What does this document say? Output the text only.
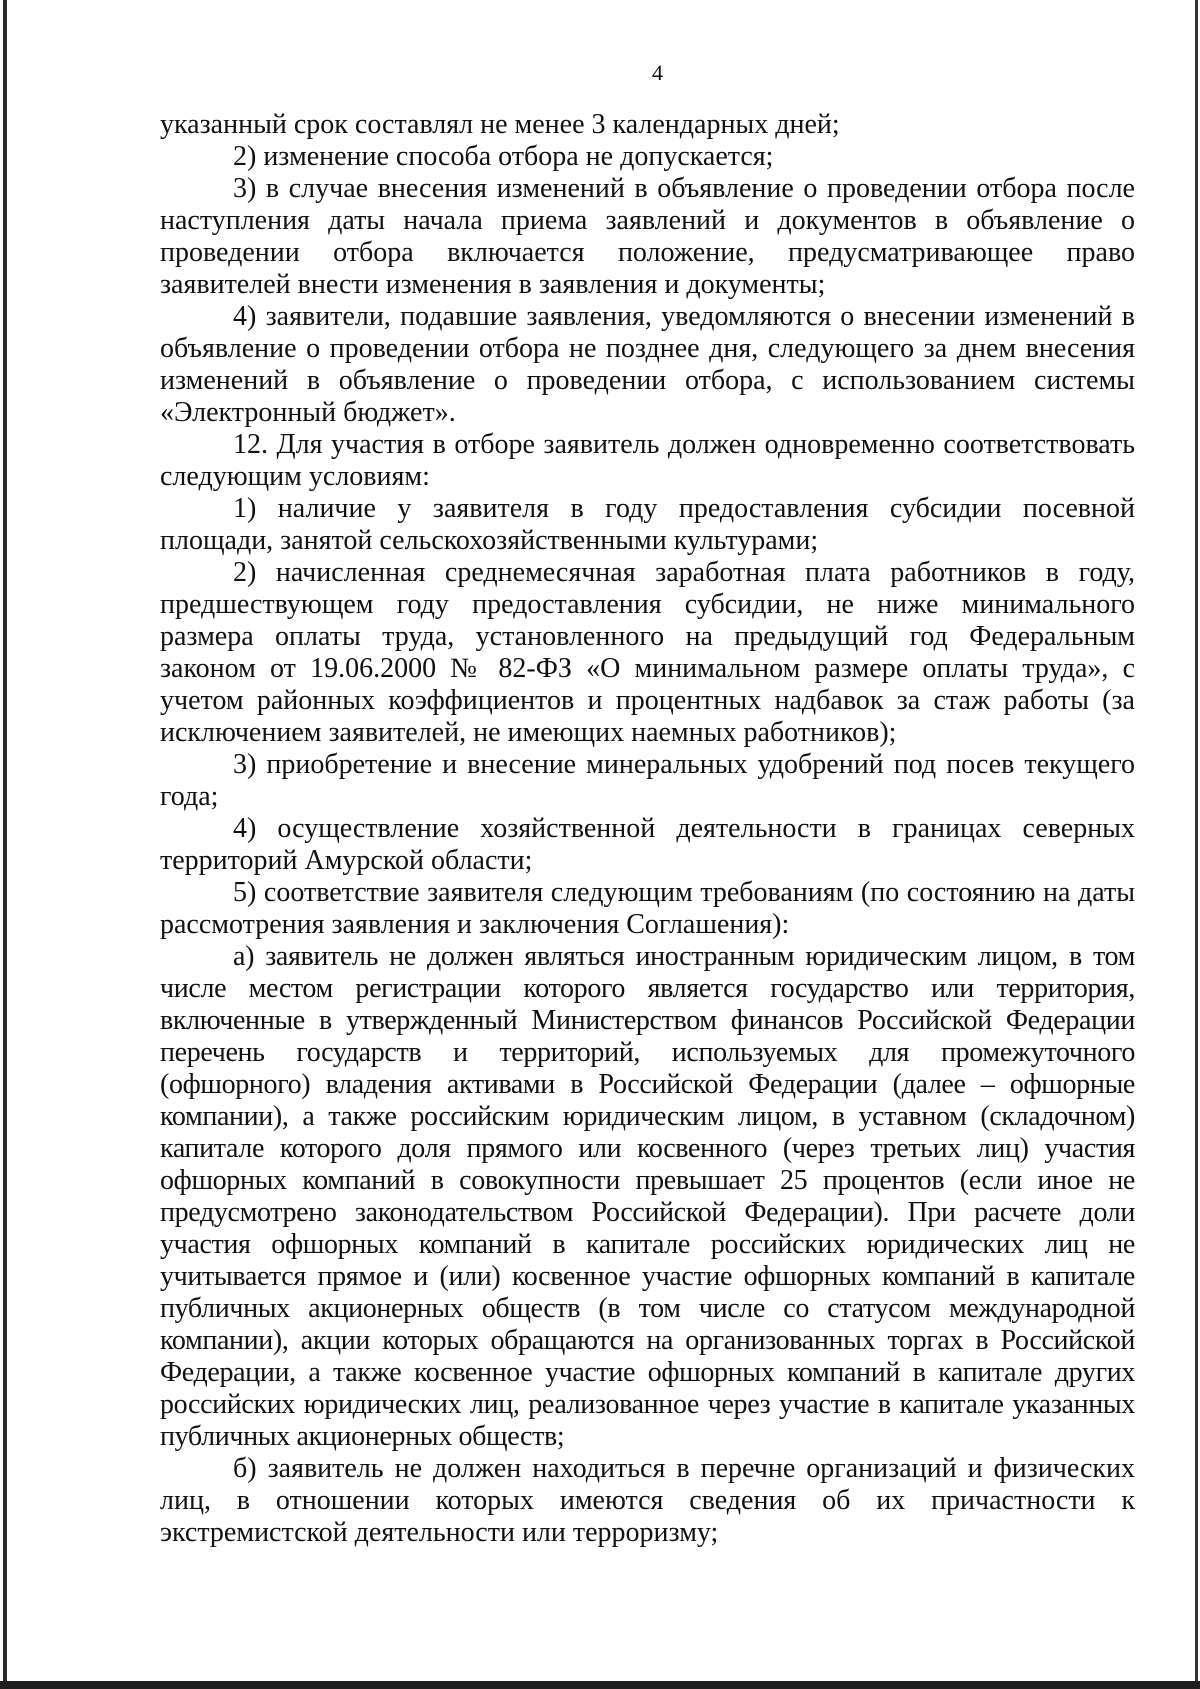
4

указанный срок составлял не менее 3 календарных дней;

2) изменение способа отбора не допускается;

3) в случае внесения изменений в объявление о проведении отбора после наступления даты начала приема заявлений и документов в объявление о проведении отбора включается положение, предусматривающее право заявителей внести изменения в заявления и документы;

4) заявители, подавшие заявления, уведомляются о внесении изменений в объявление о проведении отбора не позднее дня, следующего за днем внесения изменений в объявление о проведении отбора, с использованием системы «Электронный бюджет».

12. Для участия в отборе заявитель должен одновременно соответствовать следующим условиям:

1) наличие у заявителя в году предоставления субсидии посевной площади, занятой сельскохозяйственными культурами;

2) начисленная среднемесячная заработная плата работников в году, предшествующем году предоставления субсидии, не ниже минимального размера оплаты труда, установленного на предыдущий год Федеральным законом от 19.06.2000 № 82-ФЗ «О минимальном размере оплаты труда», с учетом районных коэффициентов и процентных надбавок за стаж работы (за исключением заявителей, не имеющих наемных работников);

3) приобретение и внесение минеральных удобрений под посев текущего года;

4) осуществление хозяйственной деятельности в границах северных территорий Амурской области;

5) соответствие заявителя следующим требованиям (по состоянию на даты рассмотрения заявления и заключения Соглашения):

а) заявитель не должен являться иностранным юридическим лицом, в том числе местом регистрации которого является государство или территория, включенные в утвержденный Министерством финансов Российской Федерации перечень государств и территорий, используемых для промежуточного (офшорного) владения активами в Российской Федерации (далее – офшорные компании), а также российским юридическим лицом, в уставном (складочном) капитале которого доля прямого или косвенного (через третьих лиц) участия офшорных компаний в совокупности превышает 25 процентов (если иное не предусмотрено законодательством Российской Федерации). При расчете доли участия офшорных компаний в капитале российских юридических лиц не учитывается прямое и (или) косвенное участие офшорных компаний в капитале публичных акционерных обществ (в том числе со статусом международной компании), акции которых обращаются на организованных торгах в Российской Федерации, а также косвенное участие офшорных компаний в капитале других российских юридических лиц, реализованное через участие в капитале указанных публичных акционерных обществ;

б) заявитель не должен находиться в перечне организаций и физических лиц, в отношении которых имеются сведения об их причастности к экстремистской деятельности или терроризму;
